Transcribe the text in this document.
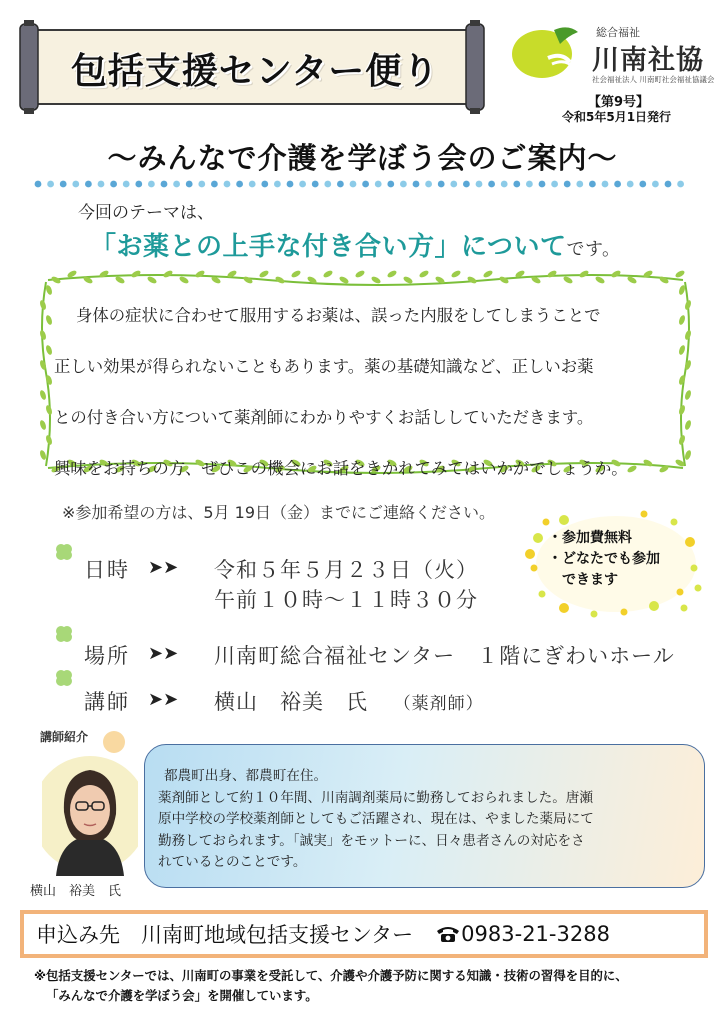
包括支援センター便り
総合福祉
川南社協
社会福祉法人 川南町社会福祉協議会
【第9号】
令和5年5月1日発行
～みんなで介護を学ぼう会のご案内～
今回のテーマは、
「お薬との上手な付き合い方」についてです。

身体の症状に合わせて服用するお薬は、誤った内服をしてしまうことで

正しい効果が得られないこともあります。薬の基礎知識など、正しいお薬

との付き合い方について薬剤師にわかりやすくお話ししていただきます。

興味をお持ちの方、ぜひこの機会にお話をきかれてみてはいかがでしょうか。

※参加希望の方は、5月 19日（金）までにご連絡ください。
日時 ➤➤ 令和５年５月２３日（火）
午前１０時～１１時３０分
場所 ➤➤ 川南町総合福祉センター　１階にぎわいホール
講師 ➤➤ 横山　裕美　氏 （薬剤師）
・参加費無料
・どなたでも参加
できます
講師紹介
横山　裕美　氏

都農町出身、都農町在住。

薬剤師として約１０年間、川南調剤薬局に勤務しておられました。唐瀬

原中学校の学校薬剤師としてもご活躍され、現在は、やました薬局にて

勤務しておられます。「誠実」をモットーに、日々患者さんの対応をさ

れているとのことです。

申込み先　川南町地域包括支援センター 0983-21-3288

※包括支援センターでは、川南町の事業を受託して、介護や介護予防に関する知識・技術の習得を目的に、

「みんなで介護を学ぼう会」を開催しています。
